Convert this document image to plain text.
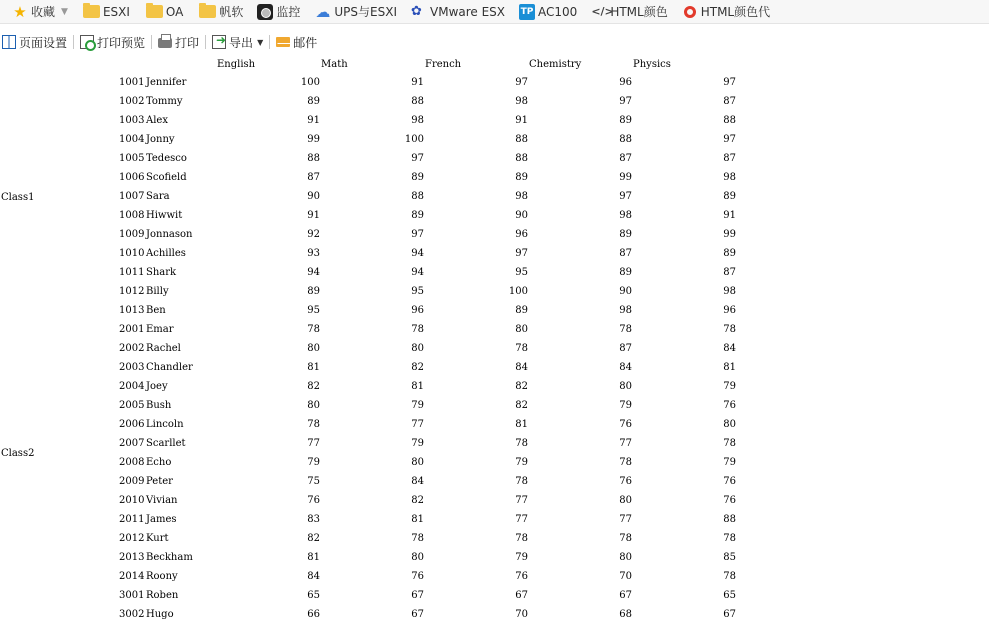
★ 收藏 ▼	ESXI	OA	帆软	监控 ☁ UPS与ESXI ✿ VMware ESX TP AC100 </>
HTML颜色	HTML颜色代
页面设置	打印预览	打印
➜	导出 ▼	邮件
English	Math	French	Chemistry	Physics
1001 Jennifer	100	91	97	96	97
1002 Tommy	89	88	98	97	87
1003 Alex	91	98	91	89	88
1004 Jonny	99	100	88	88	97
1005 Tedesco	88	97	88	87	87
1006 Scofield	87	89	89	99	98
1007 Sara	90	88	98	97	89
1008 Hiwwit	91	89	90	98	91
1009 Jonnason	92	97	96	89	99
1010 Achilles	93	94	97	87	89
1011 Shark	94	94	95	89	87
1012 Billy	89	95	100	90	98
1013 Ben	95	96	89	98	96
Class1
2001 Emar	78	78	80	78	78
2002 Rachel	80	80	78	87	84
2003 Chandler	81	82	84	84	81
2004 Joey	82	81	82	80	79
2005 Bush	80	79	82	79	76
2006 Lincoln	78	77	81	76	80
2007 Scarllet	77	79	78	77	78
2008 Echo	79	80	79	78	79
2009 Peter	75	84	78	76	76
2010 Vivian	76	82	77	80	76
2011 James	83	81	77	77	88
2012 Kurt	82	78	78	78	78
2013 Beckham	81	80	79	80	85
2014 Roony	84	76	76	70	78
Class2
3001 Roben	65	67	67	67	65
3002 Hugo	66	67	70	68	67
